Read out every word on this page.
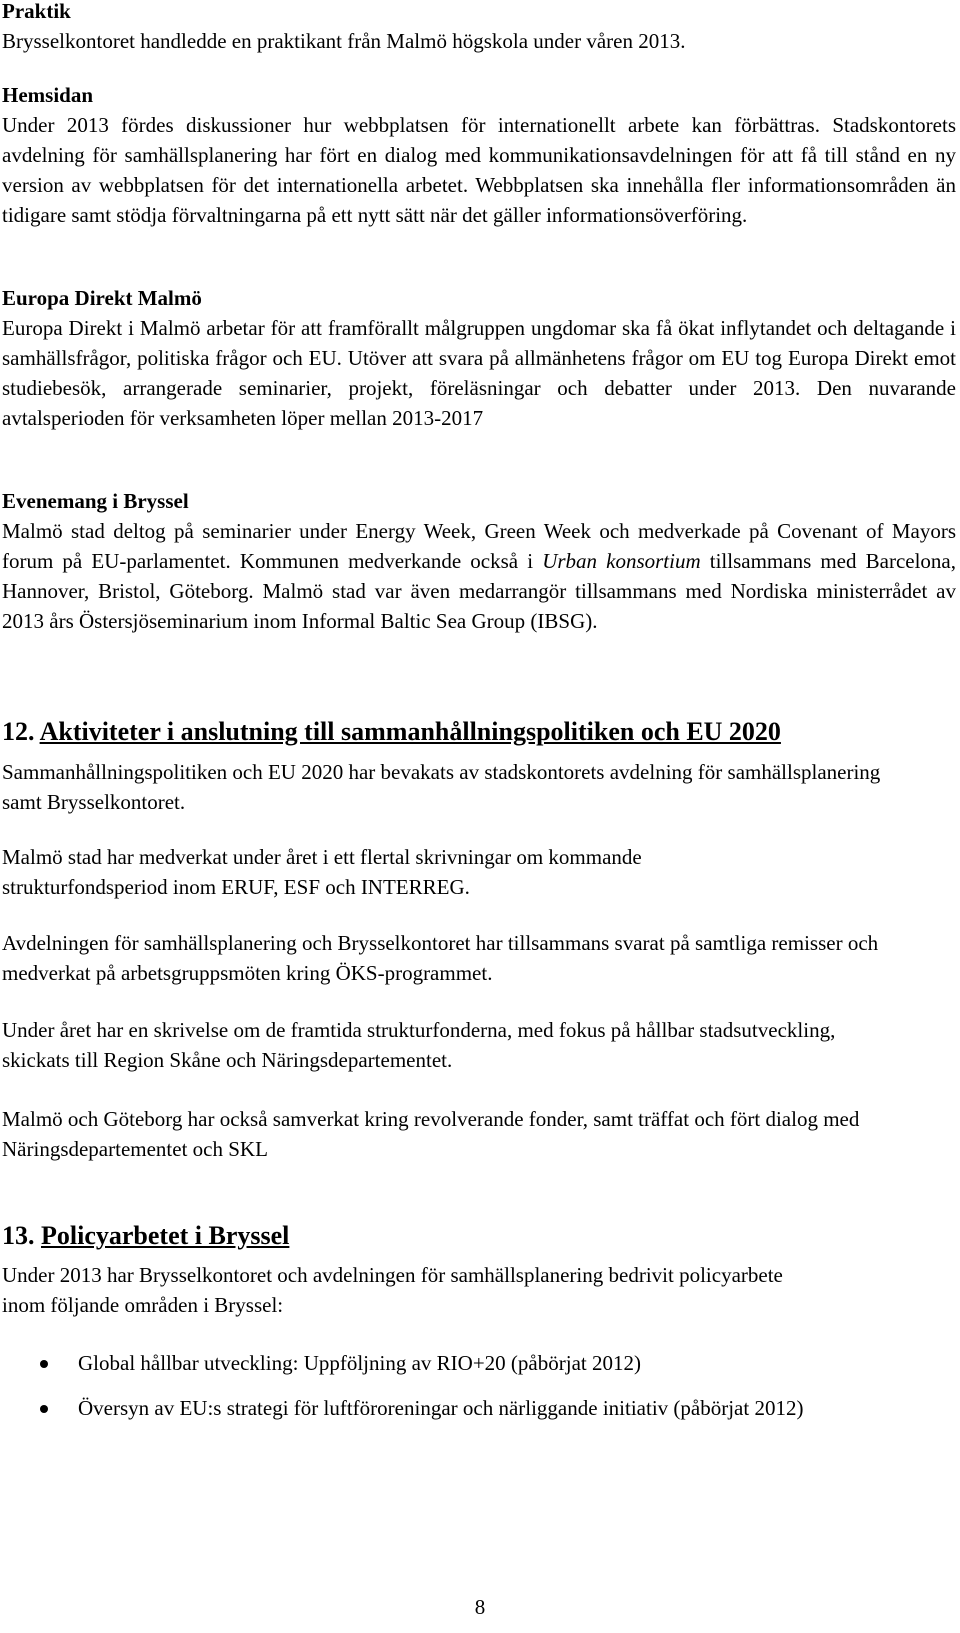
Praktik
Brysselkontoret handledde en praktikant från Malmö högskola under våren 2013.
Hemsidan
Under 2013 fördes diskussioner hur webbplatsen för internationellt arbete kan förbättras. Stadskontorets avdelning för samhällsplanering har fört en dialog med kommunikationsavdelningen för att få till stånd en ny version av webbplatsen för det internationella arbetet. Webbplatsen ska innehålla fler informationsområden än tidigare samt stödja förvaltningarna på ett nytt sätt när det gäller informationsöverföring.
Europa Direkt Malmö
Europa Direkt i Malmö arbetar för att framförallt målgruppen ungdomar ska få ökat inflytandet och deltagande i samhällsfrågor, politiska frågor och EU. Utöver att svara på allmänhetens frågor om EU tog Europa Direkt emot studiebesök, arrangerade seminarier, projekt, föreläsningar och debatter under 2013. Den nuvarande avtalsperioden för verksamheten löper mellan 2013-2017
Evenemang i Bryssel
Malmö stad deltog på seminarier under Energy Week, Green Week och medverkade på Covenant of Mayors forum på EU-parlamentet. Kommunen medverkande också i Urban konsortium tillsammans med Barcelona, Hannover, Bristol, Göteborg. Malmö stad var även medarrangör tillsammans med Nordiska ministerrådet av 2013 års Östersjöseminarium inom Informal Baltic Sea Group (IBSG).
12. Aktiviteter i anslutning till sammanhållningspolitiken och EU 2020
Sammanhållningspolitiken och EU 2020 har bevakats av stadskontorets avdelning för samhällsplanering samt Brysselkontoret.
Malmö stad har medverkat under året i ett flertal skrivningar om kommande strukturfondsperiod inom ERUF, ESF och INTERREG.
Avdelningen för samhällsplanering och Brysselkontoret har tillsammans svarat på samtliga remisser och medverkat på arbetsgruppsmöten kring ÖKS-programmet.
Under året har en skrivelse om de framtida strukturfonderna, med fokus på hållbar stadsutveckling, skickats till Region Skåne och Näringsdepartementet.
Malmö och Göteborg har också samverkat kring revolverande fonder, samt träffat och fört dialog med Näringsdepartementet och SKL
13. Policyarbetet i Bryssel
Under 2013 har Brysselkontoret och avdelningen för samhällsplanering bedrivit policyarbete inom följande områden i Bryssel:
Global hållbar utveckling: Uppföljning av RIO+20 (påbörjat 2012)
Översyn av EU:s strategi för luftföroreningar och närliggande initiativ (påbörjat 2012)
8
